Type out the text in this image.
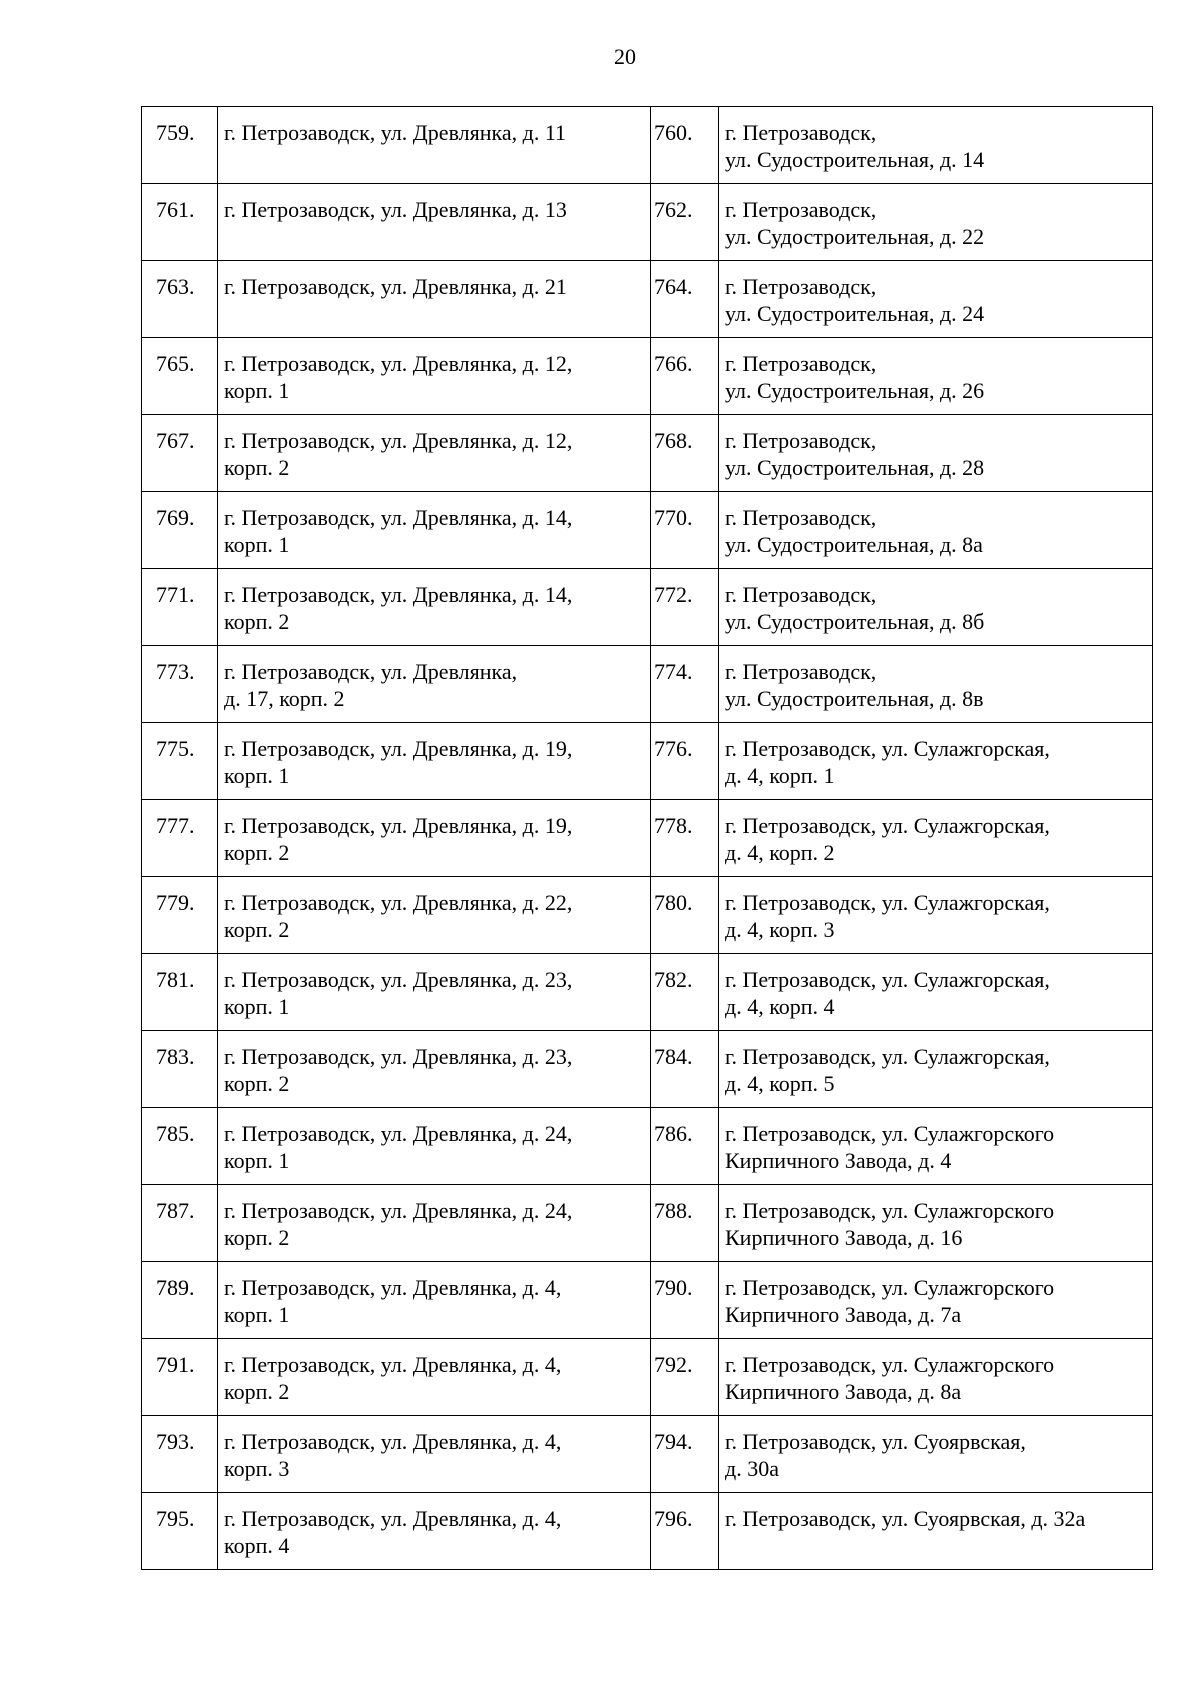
20
759.	г. Петрозаводск, ул. Древлянка, д. 11	760.	г. Петрозаводск,
ул. Судостроительная, д. 14

761.	г. Петрозаводск, ул. Древлянка, д. 13	762.	г. Петрозаводск,
ул. Судостроительная, д. 22

763.	г. Петрозаводск, ул. Древлянка, д. 21	764.	г. Петрозаводск,
ул. Судостроительная, д. 24

765.	г. Петрозаводск, ул. Древлянка, д. 12,
корп. 1	766.	г. Петрозаводск,
ул. Судостроительная, д. 26

767.	г. Петрозаводск, ул. Древлянка, д. 12,
корп. 2	768.	г. Петрозаводск,
ул. Судостроительная, д. 28

769.	г. Петрозаводск, ул. Древлянка, д. 14,
корп. 1	770.	г. Петрозаводск,
ул. Судостроительная, д. 8а

771.	г. Петрозаводск, ул. Древлянка, д. 14,
корп. 2	772.	г. Петрозаводск,
ул. Судостроительная, д. 8б

773.	г. Петрозаводск, ул. Древлянка,
д. 17, корп. 2	774.	г. Петрозаводск,
ул. Судостроительная, д. 8в

775.	г. Петрозаводск, ул. Древлянка, д. 19,
корп. 1	776.	г. Петрозаводск, ул. Сулажгорская,
д. 4, корп. 1

777.	г. Петрозаводск, ул. Древлянка, д. 19,
корп. 2	778.	г. Петрозаводск, ул. Сулажгорская,
д. 4, корп. 2

779.	г. Петрозаводск, ул. Древлянка, д. 22,
корп. 2	780.	г. Петрозаводск, ул. Сулажгорская,
д. 4, корп. 3

781.	г. Петрозаводск, ул. Древлянка, д. 23,
корп. 1	782.	г. Петрозаводск, ул. Сулажгорская,
д. 4, корп. 4

783.	г. Петрозаводск, ул. Древлянка, д. 23,
корп. 2	784.	г. Петрозаводск, ул. Сулажгорская,
д. 4, корп. 5

785.	г. Петрозаводск, ул. Древлянка, д. 24,
корп. 1	786.	г. Петрозаводск, ул. Сулажгорского
Кирпичного Завода, д. 4

787.	г. Петрозаводск, ул. Древлянка, д. 24,
корп. 2	788.	г. Петрозаводск, ул. Сулажгорского
Кирпичного Завода, д. 16

789.	г. Петрозаводск, ул. Древлянка, д. 4,
корп. 1	790.	г. Петрозаводск, ул. Сулажгорского
Кирпичного Завода, д. 7а

791.	г. Петрозаводск, ул. Древлянка, д. 4,
корп. 2	792.	г. Петрозаводск, ул. Сулажгорского
Кирпичного Завода, д. 8а

793.	г. Петрозаводск, ул. Древлянка, д. 4,
корп. 3	794.	г. Петрозаводск, ул. Суоярвская,
д. 30а

795.	г. Петрозаводск, ул. Древлянка, д. 4,
корп. 4	796.	г. Петрозаводск, ул. Суоярвская, д. 32а
